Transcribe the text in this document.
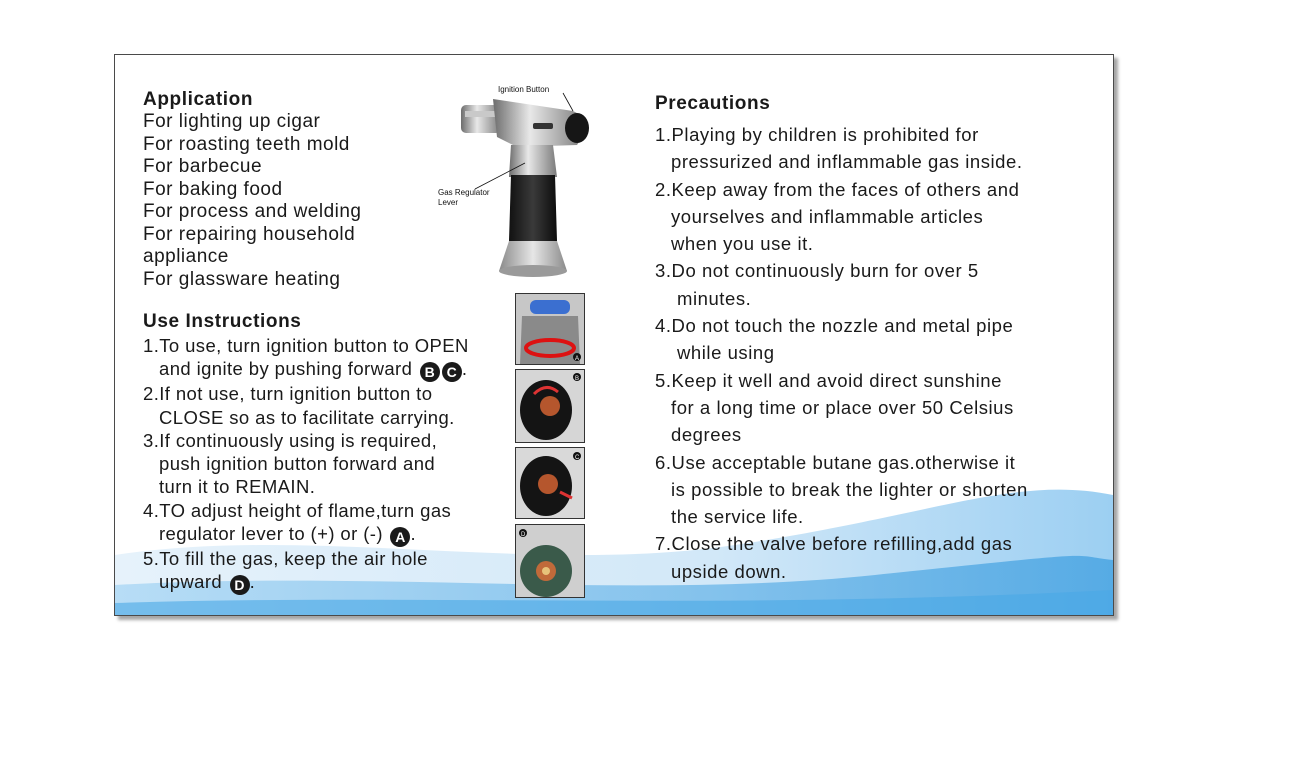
Application
For lighting up cigar
For roasting teeth mold
For barbecue
For baking food
For process and welding
For repairing household
appliance
For glassware heating
Ignition Button
Gas Regulator
Lever
Use Instructions
1.To use, turn ignition button to OPEN
and ignite by pushing forward B C .
2.If not use, turn ignition button to
CLOSE so as to facilitate carrying.
3.If continuously using is required,
push ignition button forward and
turn it to REMAIN.
4.TO adjust height of flame,turn gas
regulator lever to (+) or (-) A .
5.To fill the gas, keep the air hole
upward D .
A
B
C
D
Precautions
1.Playing by children is prohibited for
pressurized and inflammable gas inside.
2.Keep away from the faces of others and
yourselves and inflammable articles
when you use it.
3.Do not continuously burn for over 5
minutes.
4.Do not touch the nozzle and metal pipe
while using
5.Keep it well and avoid direct sunshine
for a long time or place over 50 Celsius
degrees
6.Use acceptable butane gas.otherwise it
is possible to break the lighter or shorten
the service life.
7.Close the valve before refilling,add gas
upside down.
